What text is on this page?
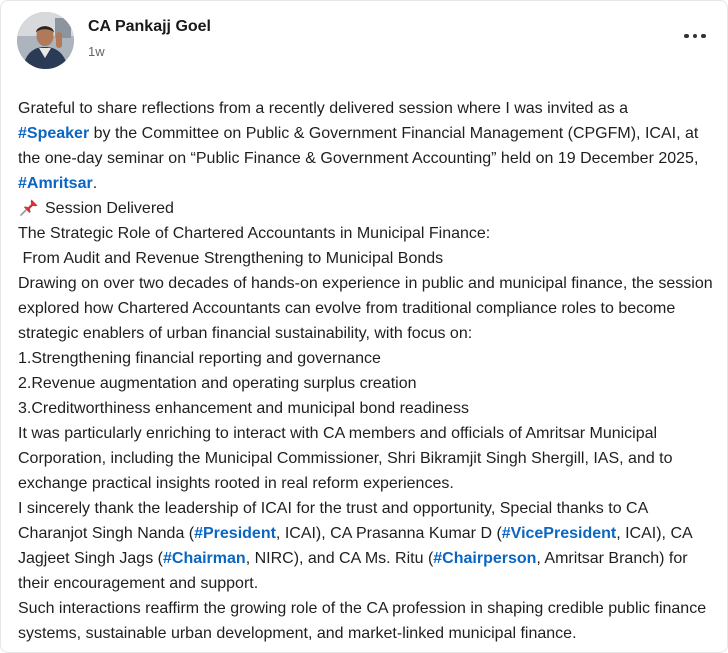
CA Pankajj Goel
1w

Grateful to share reflections from a recently delivered session where I was invited as a
#Speaker by the Committee on Public & Government Financial Management (CPGFM), ICAI, at the one-day seminar on “Public Finance & Government Accounting” held on 19 December 2025, #Amritsar.

Session Delivered

The Strategic Role of Chartered Accountants in Municipal Finance:

From Audit and Revenue Strengthening to Municipal Bonds

Drawing on over two decades of hands-on experience in public and municipal finance, the session explored how Chartered Accountants can evolve from traditional compliance roles to become strategic enablers of urban financial sustainability, with focus on:

1.Strengthening financial reporting and governance

2.Revenue augmentation and operating surplus creation

3.Creditworthiness enhancement and municipal bond readiness

It was particularly enriching to interact with CA members and officials of Amritsar Municipal Corporation, including the Municipal Commissioner, Shri Bikramjit Singh Shergill, IAS, and to exchange practical insights rooted in real reform experiences.

I sincerely thank the leadership of ICAI for the trust and opportunity, Special thanks to CA Charanjot Singh Nanda (#President, ICAI), CA Prasanna Kumar D (#VicePresident, ICAI), CA Jagjeet Singh Jags (#Chairman, NIRC), and CA Ms. Ritu (#Chairperson, Amritsar Branch) for their encouragement and support.

Such interactions reaffirm the growing role of the CA profession in shaping credible public finance systems, sustainable urban development, and market-linked municipal finance.
